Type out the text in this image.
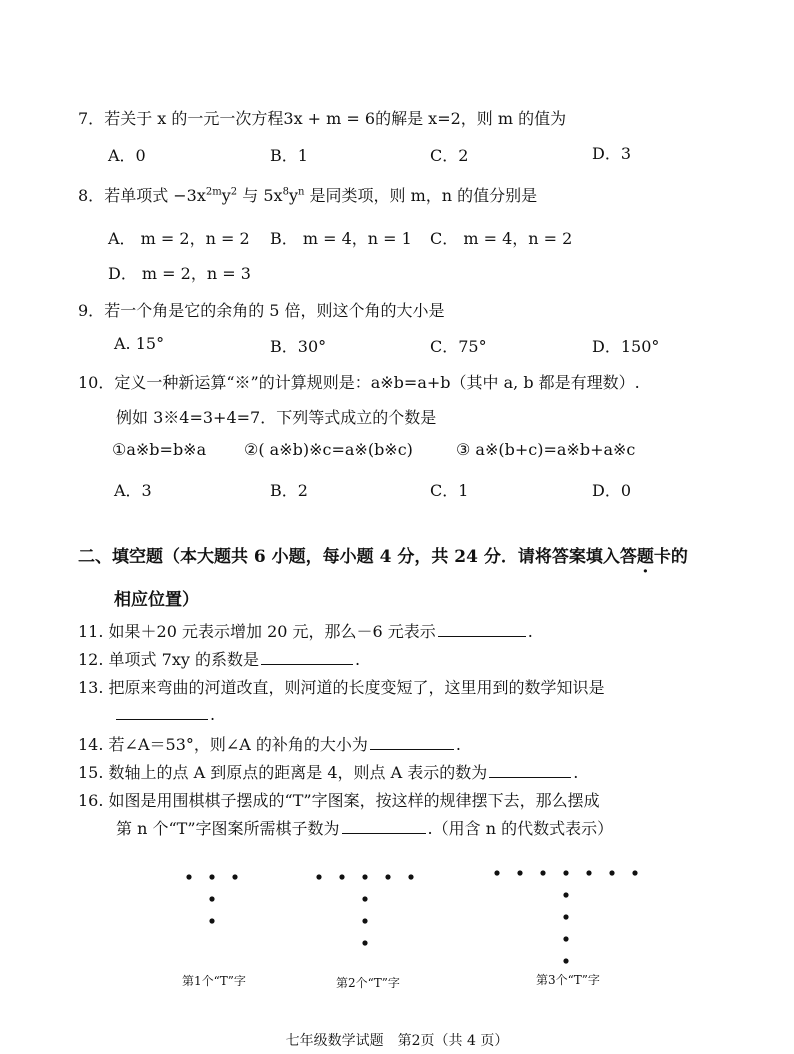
7．若关于 x 的一元一次方程3x + m = 6的解是 x=2，则 m 的值为
A．0	B．1	C．2	D．3
8．若单项式 $-3x^{2m}y^2$ 与 $5x^8y^n$ 是同类项，则 m，n 的值分别是
A． m = 2，n = 2 B． m = 4，n = 1 C． m = 4，n = 2
D． m = 2，n = 3
9．若一个角是它的余角的 5 倍，则这个角的大小是
A. 15°	B．30°	C．75°	D．150°
10．定义一种新运算“※”的计算规则是：a※b=a+b（其中 a, b 都是有理数）.
例如 3※4=3+4=7．下列等式成立的个数是
①a※b=b※a ②( a※b)※c=a※(b※c)	③ a※(b+c)=a※b+a※c
A．3	B．2	C．1	D．0
二、填空题（本大题共 6 小题，每小题 4 分，共 24 分．请将答案填入答题卡的
相应位置）
11. 如果＋20 元表示增加 20 元，那么－6 元表示	.
12. 单项式 7xy 的系数是	.
13. 把原来弯曲的河道改直，则河道的长度变短了，这里用到的数学知识是
.
14. 若∠A＝53°，则∠A 的补角的大小为	.
15. 数轴上的点 A 到原点的距离是 4，则点 A 表示的数为	.
16. 如图是用围棋棋子摆成的“T”字图案，按这样的规律摆下去，那么摆成
第 n 个“T”字图案所需棋子数为	.（用含 n 的代数式表示）
第1个“T”字	第2个“T”字	第3个“T”字
七年级数学试题　第2页（共 4 页）
